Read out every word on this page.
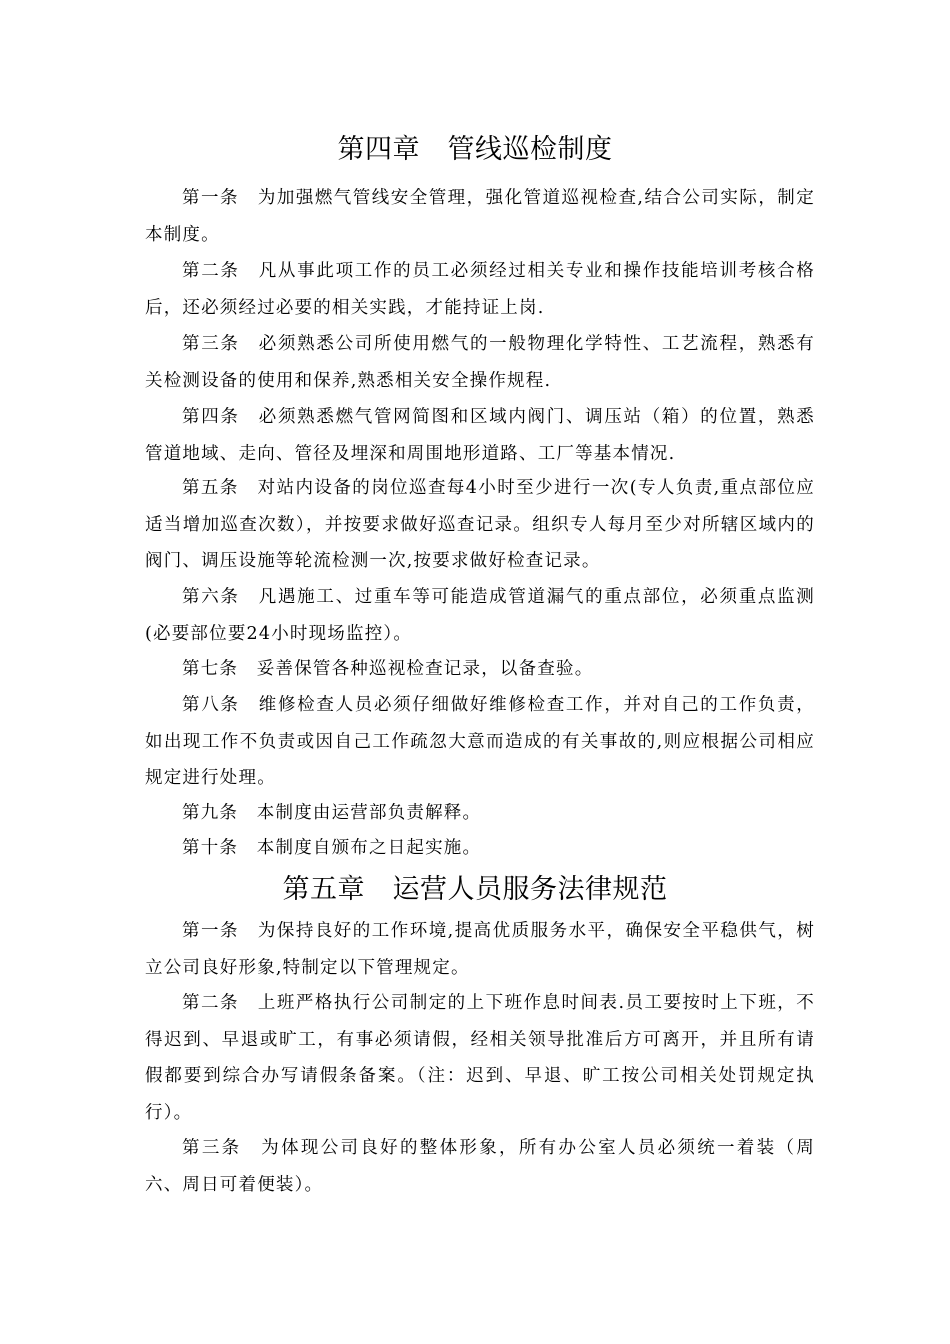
第四章　管线巡检制度

第一条　为加强燃气管线安全管理，强化管道巡视检查,结合公司实际，制定本制度。

第二条　凡从事此项工作的员工必须经过相关专业和操作技能培训考核合格后，还必须经过必要的相关实践，才能持证上岗.

第三条　必须熟悉公司所使用燃气的一般物理化学特性、工艺流程，熟悉有关检测设备的使用和保养,熟悉相关安全操作规程.

第四条　必须熟悉燃气管网简图和区域内阀门、调压站（箱）的位置，熟悉管道地域、走向、管径及埋深和周围地形道路、工厂等基本情况.

第五条　对站内设备的岗位巡查每4小时至少进行一次(专人负责,重点部位应适当增加巡查次数），并按要求做好巡查记录。组织专人每月至少对所辖区域内的阀门、调压设施等轮流检测一次,按要求做好检查记录。

第六条　凡遇施工、过重车等可能造成管道漏气的重点部位，必须重点监测(必要部位要24小时现场监控）。

第七条　妥善保管各种巡视检查记录，以备查验。

第八条　维修检查人员必须仔细做好维修检查工作，并对自己的工作负责，如出现工作不负责或因自己工作疏忽大意而造成的有关事故的,则应根据公司相应规定进行处理。

第九条　本制度由运营部负责解释。

第十条　本制度自颁布之日起实施。

第五章　运营人员服务法律规范

第一条　为保持良好的工作环境,提高优质服务水平，确保安全平稳供气，树立公司良好形象,特制定以下管理规定。

第二条　上班严格执行公司制定的上下班作息时间表.员工要按时上下班，不得迟到、早退或旷工，有事必须请假，经相关领导批准后方可离开，并且所有请假都要到综合办写请假条备案。（注：迟到、早退、旷工按公司相关处罚规定执行）。

第三条　为体现公司良好的整体形象，所有办公室人员必须统一着装（周六、周日可着便装）。
